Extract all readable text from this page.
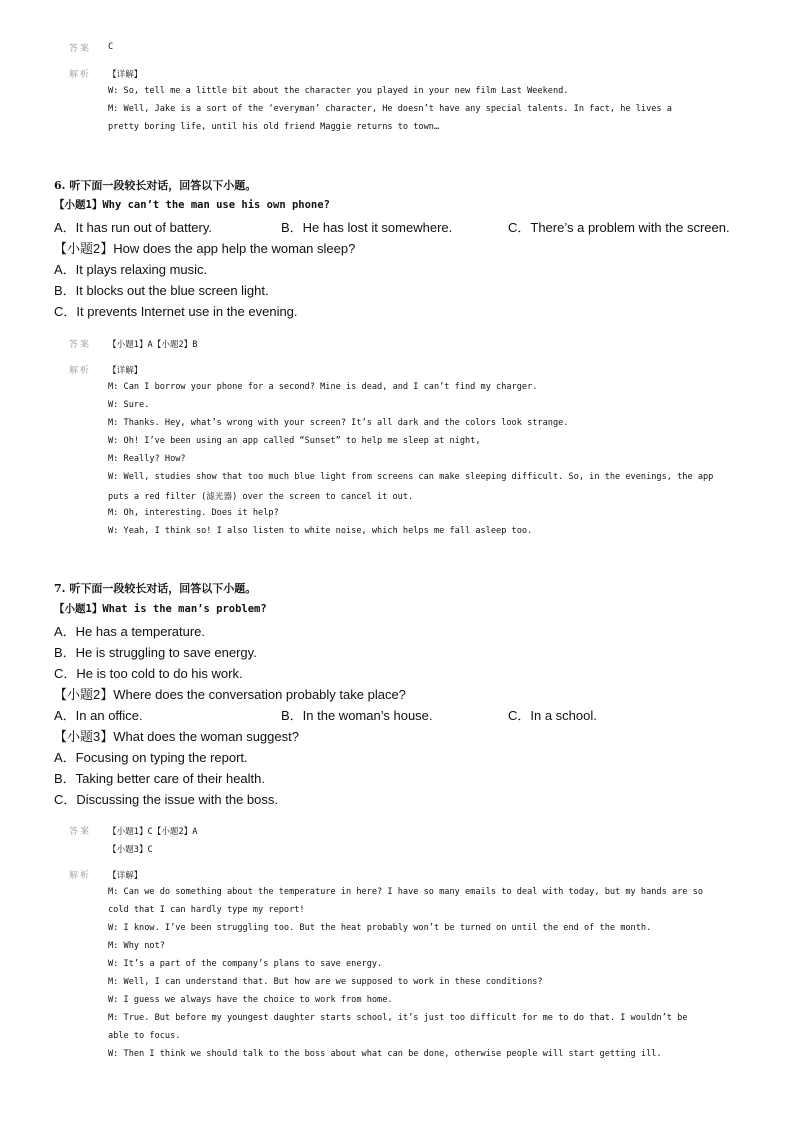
答案 C
解析 【详解】
W: So, tell me a little bit about the character you played in your new film Last Weekend.
M: Well, Jake is a sort of the ‘everyman’ character, He doesn’t have any special talents. In fact, he lives a
pretty boring life, until his old friend Maggie returns to town…
6. 听下面一段较长对话，回答以下小题。
【小题1】Why can’t the man use his own phone?
A．It has run out of battery.	B．He has lost it somewhere.	C．There’s a problem with the screen.
【小题2】How does the app help the woman sleep?
A．It plays relaxing music.
B．It blocks out the blue screen light.
C．It prevents Internet use in the evening.
答案 【小题1】A【小题2】B
解析 【详解】
M: Can I borrow your phone for a second? Mine is dead, and I can’t find my charger.
W: Sure.
M: Thanks. Hey, what’s wrong with your screen? It’s all dark and the colors look strange.
W: Oh! I’ve been using an app called “Sunset” to help me sleep at night,
M: Really? How?
W: Well, studies show that too much blue light from screens can make sleeping difficult. So, in the evenings, the app
puts a red filter (滤光器) over the screen to cancel it out.
M: Oh, interesting. Does it help?
W: Yeah, I think so! I also listen to white noise, which helps me fall asleep too.
7. 听下面一段较长对话，回答以下小题。
【小题1】What is the man’s problem?
A．He has a temperature.
B．He is struggling to save energy.
C．He is too cold to do his work.
【小题2】Where does the conversation probably take place?
A．In an office.	B．In the woman’s house.	C．In a school.
【小题3】What does the woman suggest?
A．Focusing on typing the report.
B．Taking better care of their health.
C．Discussing the issue with the boss.
答案 【小题1】C【小题2】A
【小题3】C
解析 【详解】
M: Can we do something about the temperature in here? I have so many emails to deal with today, but my hands are so
cold that I can hardly type my report!
W: I know. I’ve been struggling too. But the heat probably won’t be turned on until the end of the month.
M: Why not?
W: It’s a part of the company’s plans to save energy.
M: Well, I can understand that. But how are we supposed to work in these conditions?
W: I guess we always have the choice to work from home.
M: True. But before my youngest daughter starts school, it’s just too difficult for me to do that. I wouldn’t be
able to focus.
W: Then I think we should talk to the boss about what can be done, otherwise people will start getting ill.
